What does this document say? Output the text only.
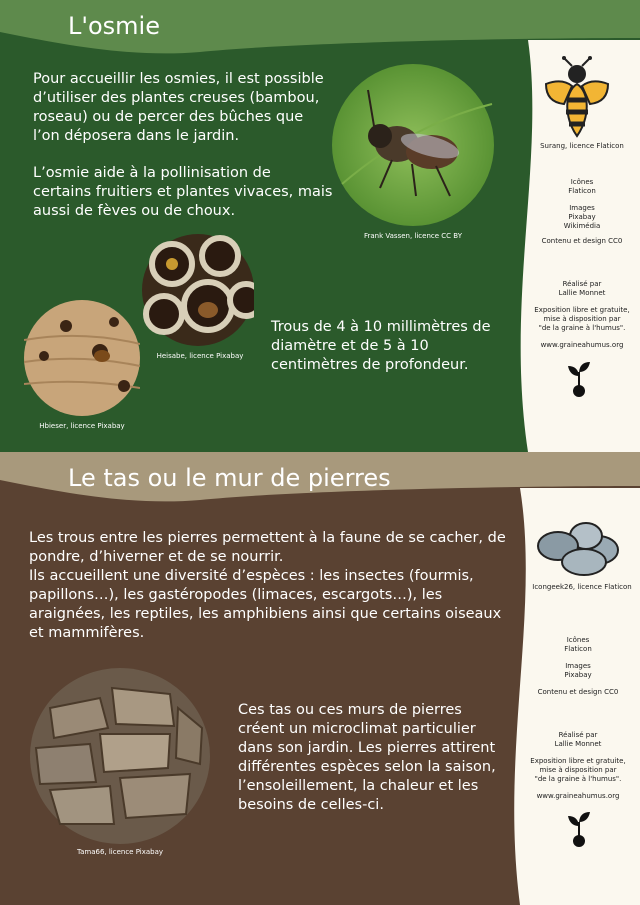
L'osmie
Pour accueillir les osmies, il est possible d’utiliser des plantes creuses (bambou, roseau) ou de percer des bûches que l’on déposera dans le jardin.
L’osmie aide à la pollinisation de certains fruitiers et plantes vivaces, mais aussi de fèves ou de choux.
Trous de 4 à 10 millimètres de diamètre et de 5 à 10 centimètres de profondeur.
Frank Vassen, licence CC BY
Heisabe, licence Pixabay
Hbieser, licence Pixabay
Surang, licence Flaticon
Icônes
Flaticon
Images
Pixabay
Wikimédia
Contenu et design CC0
Réalisé par
Lallie Monnet
Exposition libre et gratuite,
mise à disposition par
"de la graine à l'humus".
www.graineahumus.org
Le tas ou le mur de pierres
Les trous entre les pierres permettent à la faune de se cacher, de pondre, d’hiverner et de se nourrir.
Ils accueillent une diversité d’espèces : les insectes (fourmis, papillons…), les gastéropodes (limaces, escargots…), les araignées, les reptiles, les amphibiens ainsi que certains oiseaux et mammifères.
Ces tas ou ces murs de pierres créent un microclimat particulier dans son jardin. Les pierres attirent différentes espèces selon la saison, l’ensoleillement, la chaleur et les besoins de celles-ci.
Tama66, licence Pixabay
Icongeek26, licence Flaticon
Icônes
Flaticon
Images
Pixabay
Contenu et design CC0
Réalisé par
Lallie Monnet
Exposition libre et gratuite,
mise à disposition par
"de la graine à l'humus".
www.graineahumus.org
